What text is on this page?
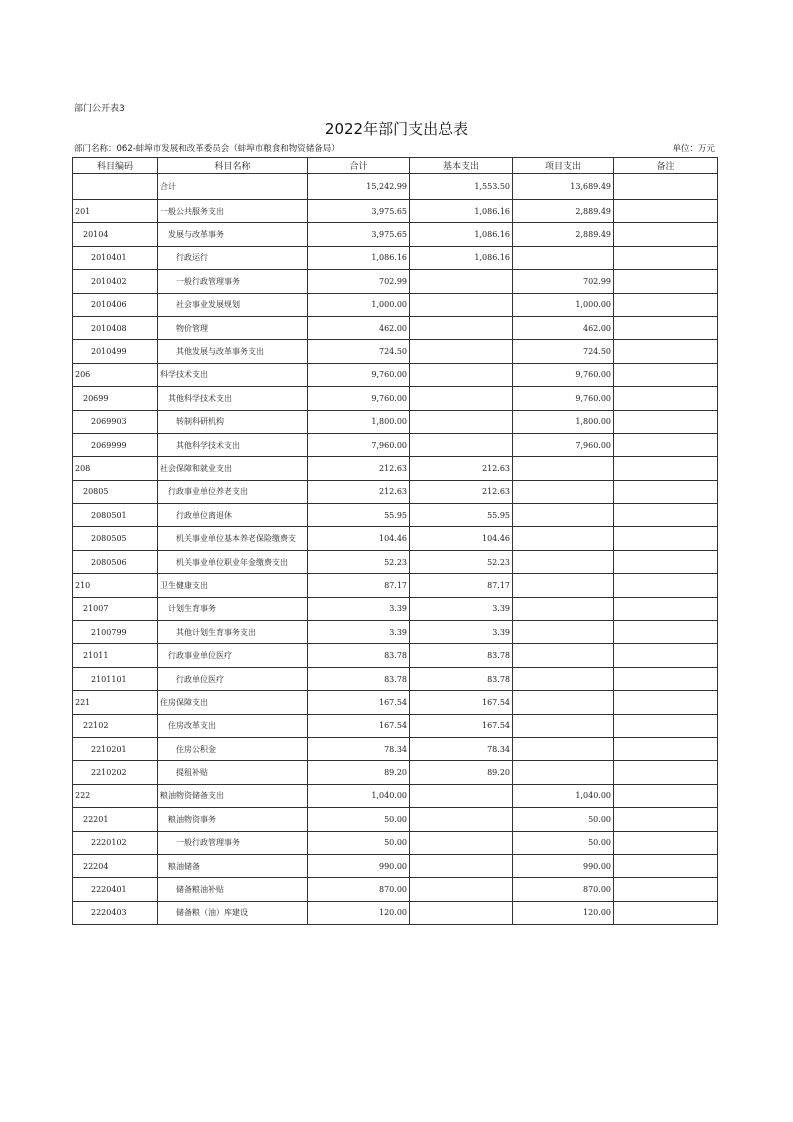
部门公开表3
2022年部门支出总表
部门名称：062-蚌埠市发展和改革委员会（蚌埠市粮食和物资储备局）	单位：万元
科目编码	科目名称	合计	基本支出	项目支出	备注
	合计	15,242.99	1,553.50	13,689.49	
201	一般公共服务支出	3,975.65	1,086.16	2,889.49	
20104	发展与改革事务	3,975.65	1,086.16	2,889.49	
2010401	行政运行	1,086.16	1,086.16		
2010402	一般行政管理事务	702.99		702.99	
2010406	社会事业发展规划	1,000.00		1,000.00	
2010408	物价管理	462.00		462.00	
2010499	其他发展与改革事务支出	724.50		724.50	
206	科学技术支出	9,760.00		9,760.00	
20699	其他科学技术支出	9,760.00		9,760.00	
2069903	转制科研机构	1,800.00		1,800.00	
2069999	其他科学技术支出	7,960.00		7,960.00	
208	社会保障和就业支出	212.63	212.63		
20805	行政事业单位养老支出	212.63	212.63		
2080501	行政单位离退休	55.95	55.95		
2080505	机关事业单位基本养老保险缴费支	104.46	104.46		
2080506	机关事业单位职业年金缴费支出	52.23	52.23		
210	卫生健康支出	87.17	87.17		
21007	计划生育事务	3.39	3.39		
2100799	其他计划生育事务支出	3.39	3.39		
21011	行政事业单位医疗	83.78	83.78		
2101101	行政单位医疗	83.78	83.78		
221	住房保障支出	167.54	167.54		
22102	住房改革支出	167.54	167.54		
2210201	住房公积金	78.34	78.34		
2210202	提租补贴	89.20	89.20		
222	粮油物资储备支出	1,040.00		1,040.00	
22201	粮油物资事务	50.00		50.00	
2220102	一般行政管理事务	50.00		50.00	
22204	粮油储备	990.00		990.00	
2220401	储备粮油补贴	870.00		870.00	
2220403	储备粮（油）库建设	120.00		120.00	
